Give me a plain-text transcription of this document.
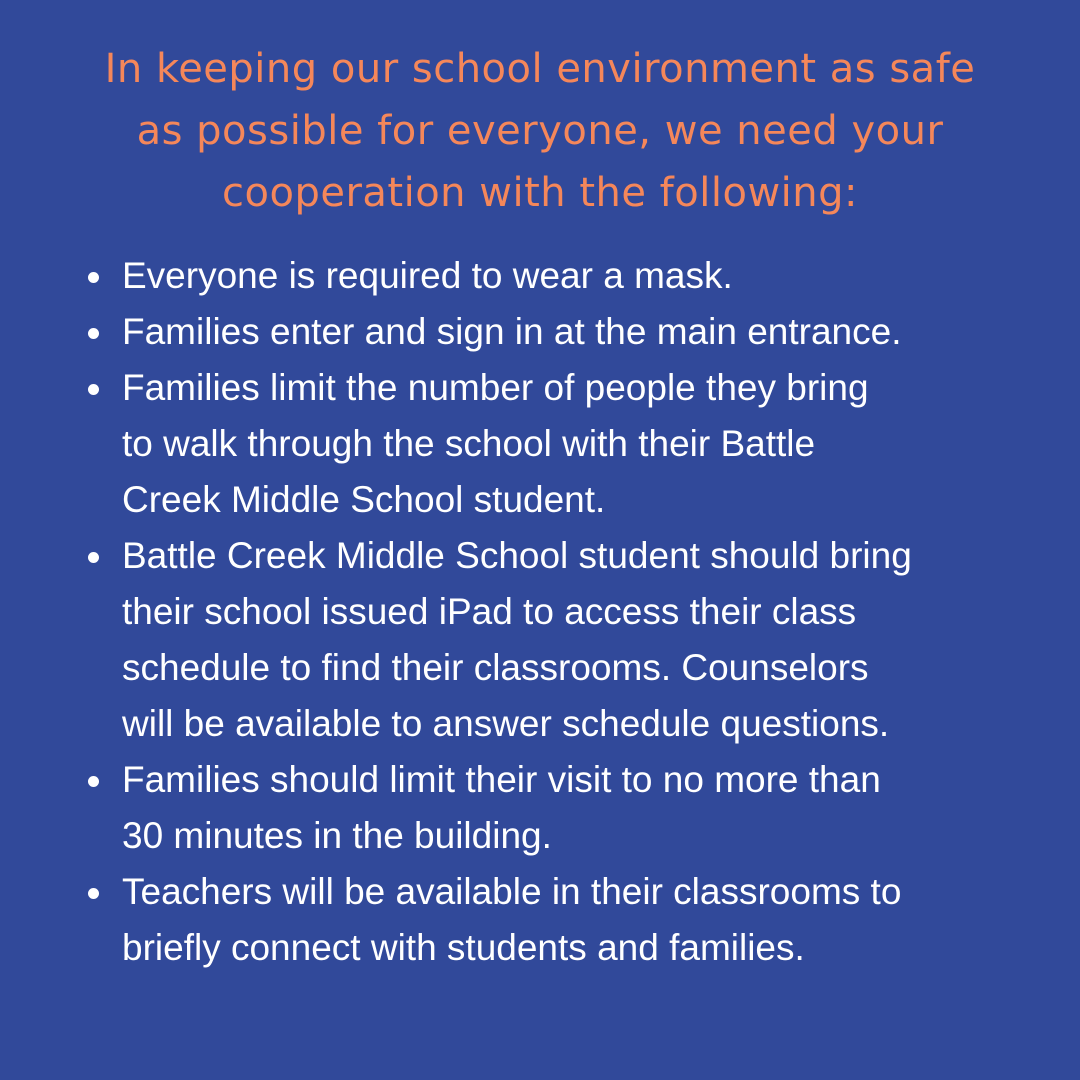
In keeping our school environment as safe
as possible for everyone, we need your
cooperation with the following:
Everyone is required to wear a mask.
Families enter and sign in at the main entrance.
Families limit the number of people they bring
to walk through the school with their Battle
Creek Middle School student.
Battle Creek Middle School student should bring
their school issued iPad to access their class
schedule to find their classrooms. Counselors
will be available to answer schedule questions.
Families should limit their visit to no more than
30 minutes in the building.
Teachers will be available in their classrooms to
briefly connect with students and families.
